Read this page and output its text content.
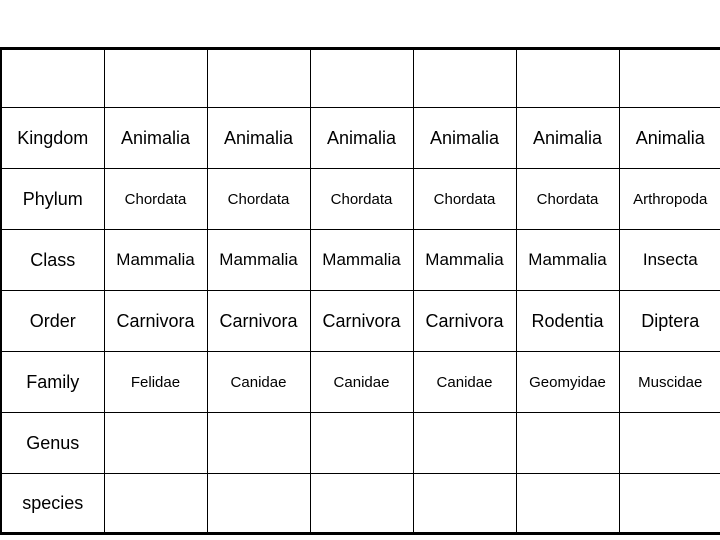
Kingdom	Animalia	Animalia	Animalia	Animalia	Animalia	Animalia
Phylum	Chordata	Chordata	Chordata	Chordata	Chordata	Arthropoda
Class	Mammalia	Mammalia	Mammalia	Mammalia	Mammalia	Insecta
Order	Carnivora	Carnivora	Carnivora	Carnivora	Rodentia	Diptera
Family	Felidae	Canidae	Canidae	Canidae	Geomyidae	Muscidae
Genus						
species						
